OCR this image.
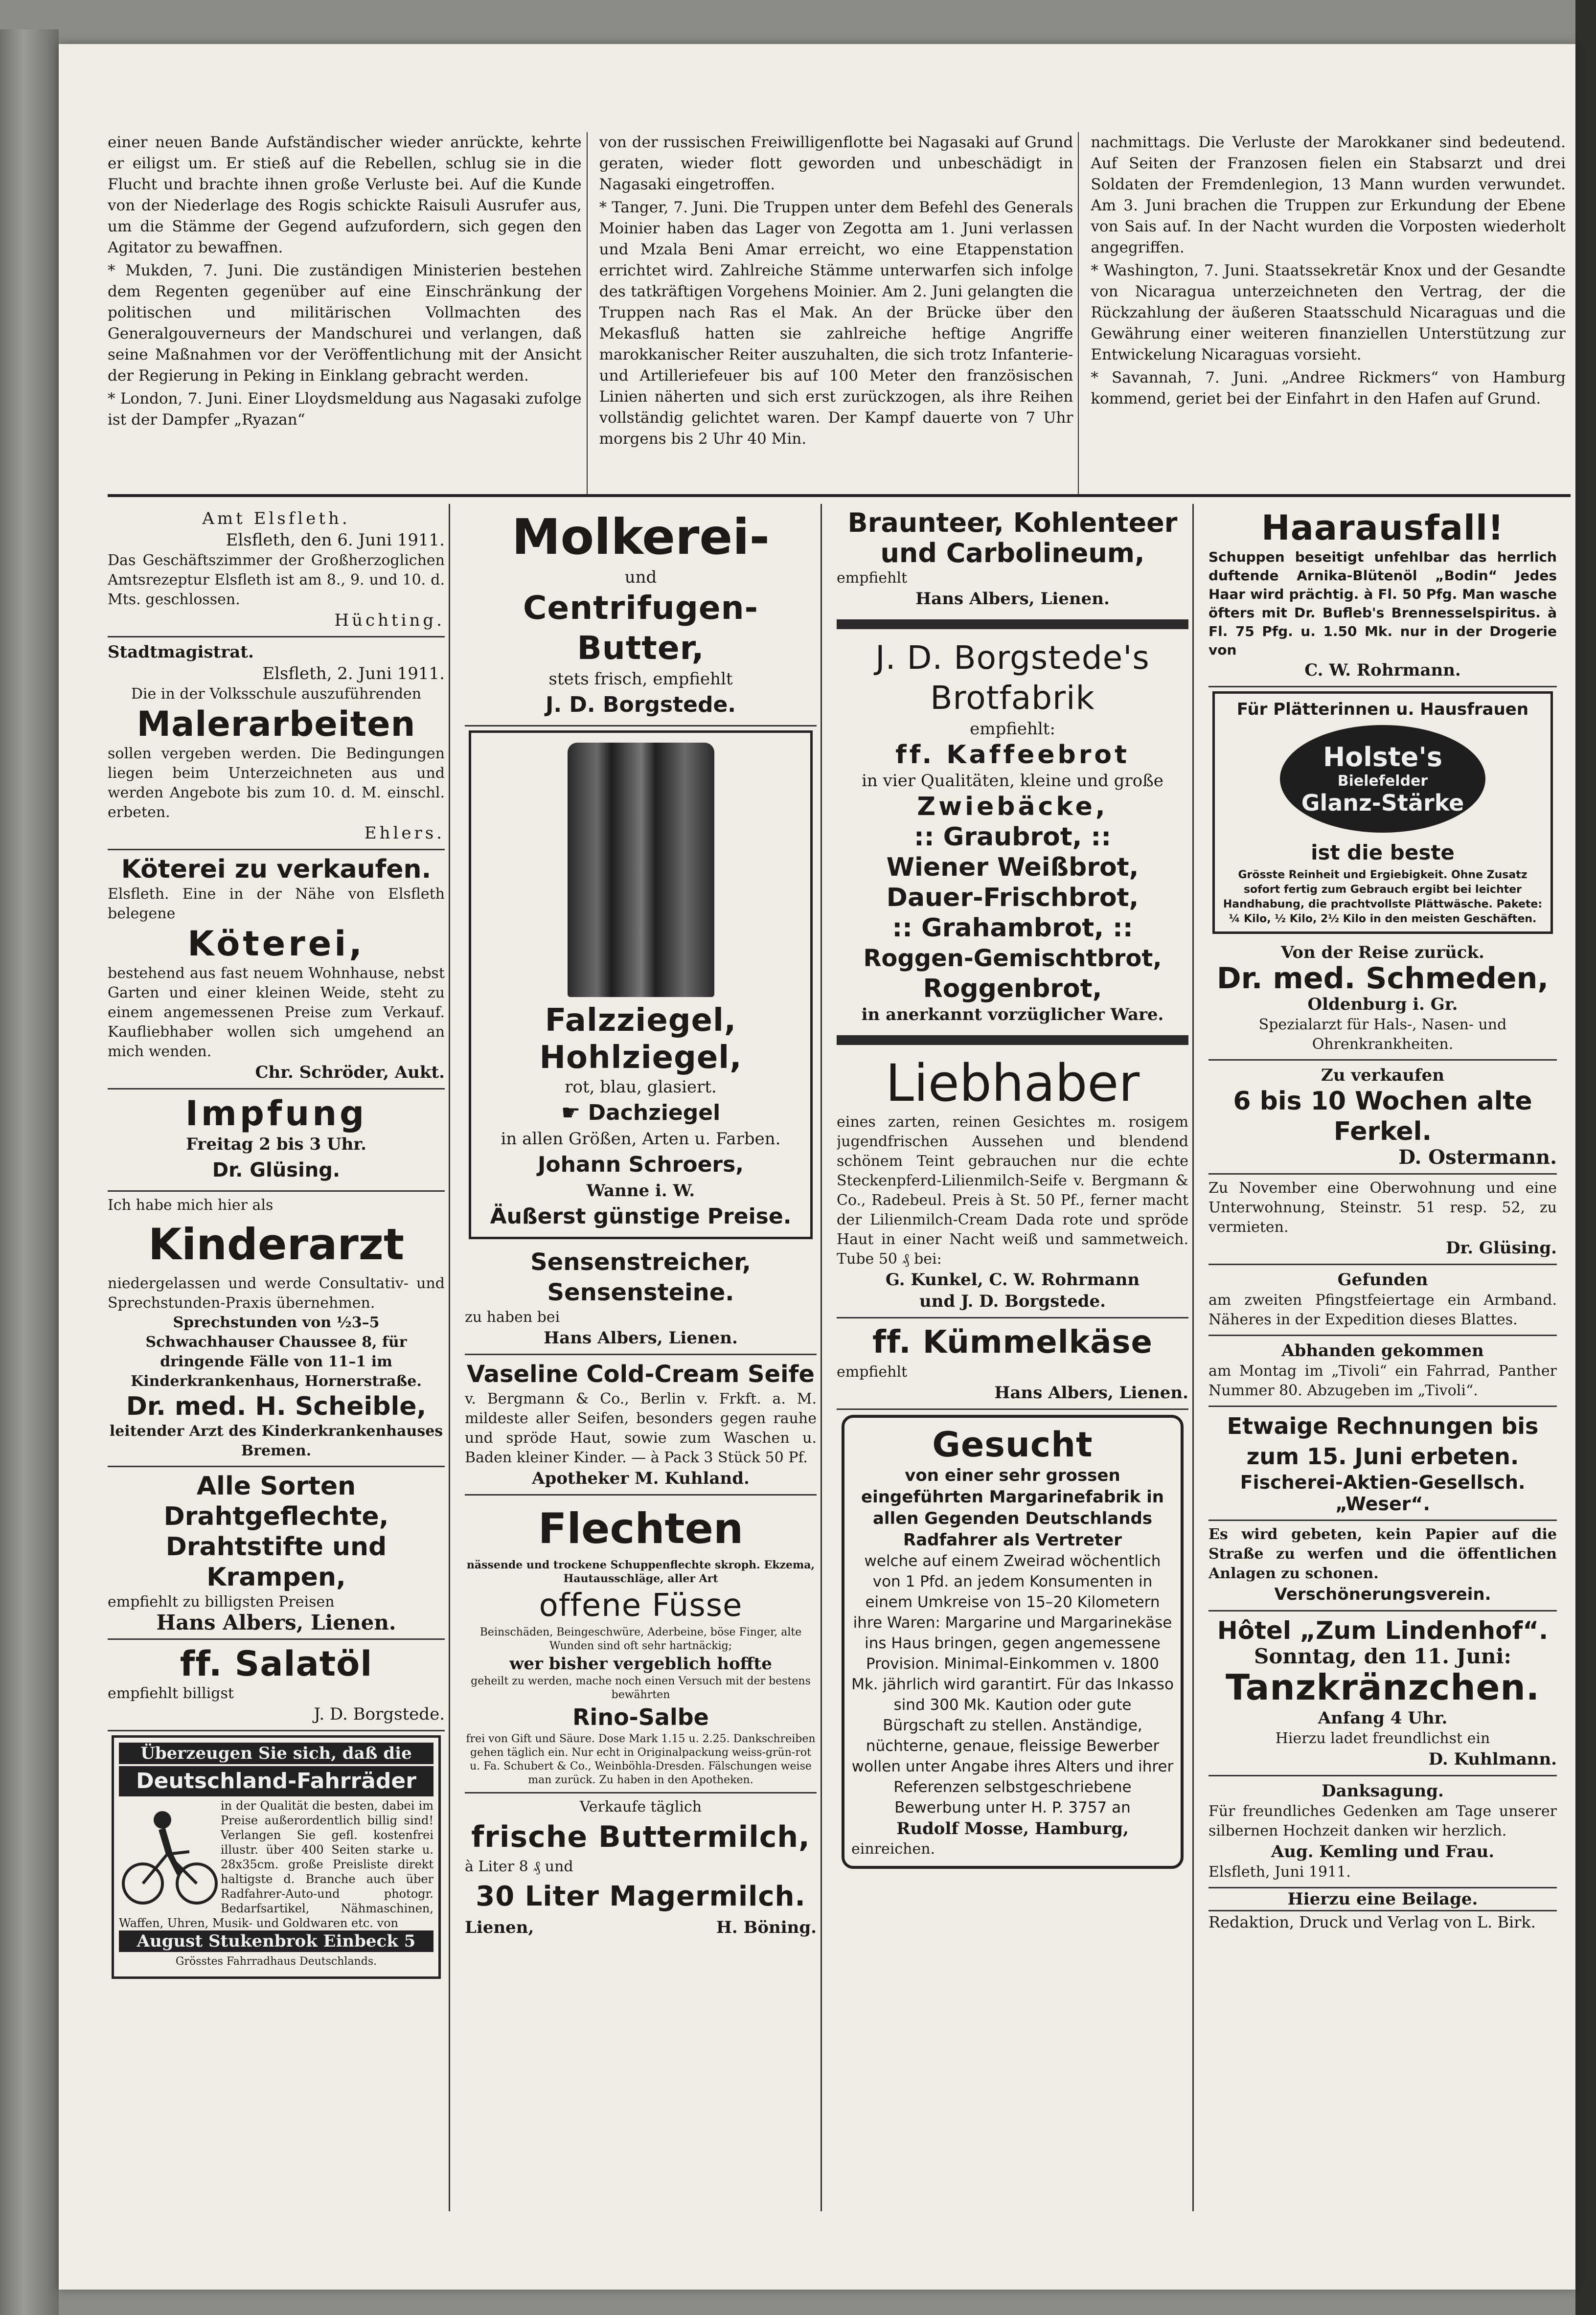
einer neuen Bande Aufständischer wieder anrückte, kehrte er eiligst um. Er stieß auf die Rebellen, schlug sie in die Flucht und brachte ihnen große Verluste bei. Auf die Kunde von der Niederlage des Rogis schickte Raisuli Ausrufer aus, um die Stämme der Gegend aufzufordern, sich gegen den Agitator zu bewaffnen.

* Mukden, 7. Juni. Die zuständigen Ministerien bestehen dem Regenten gegenüber auf eine Einschränkung der politischen und militärischen Vollmachten des Generalgouverneurs der Mandschurei und verlangen, daß seine Maßnahmen vor der Veröffentlichung mit der Ansicht der Regierung in Peking in Einklang gebracht werden.

* London, 7. Juni. Einer Lloydsmeldung aus Nagasaki zufolge ist der Dampfer „Ryazan“

von der russischen Freiwilligenflotte bei Nagasaki auf Grund geraten, wieder flott geworden und unbeschädigt in Nagasaki eingetroffen.

* Tanger, 7. Juni. Die Truppen unter dem Befehl des Generals Moinier haben das Lager von Zegotta am 1. Juni verlassen und Mzala Beni Amar erreicht, wo eine Etappenstation errichtet wird. Zahlreiche Stämme unterwarfen sich infolge des tatkräftigen Vorgehens Moinier. Am 2. Juni gelangten die Truppen nach Ras el Mak. An der Brücke über den Mekasfluß hatten sie zahlreiche heftige Angriffe marokkanischer Reiter auszuhalten, die sich trotz Infanterie- und Artilleriefeuer bis auf 100 Meter den französischen Linien näherten und sich erst zurückzogen, als ihre Reihen vollständig gelichtet waren. Der Kampf dauerte von 7 Uhr morgens bis 2 Uhr 40 Min.

nachmittags. Die Verluste der Marokkaner sind bedeutend. Auf Seiten der Franzosen fielen ein Stabsarzt und drei Soldaten der Fremdenlegion, 13 Mann wurden verwundet. Am 3. Juni brachen die Truppen zur Erkundung der Ebene von Sais auf. In der Nacht wurden die Vorposten wiederholt angegriffen.

* Washington, 7. Juni. Staatssekretär Knox und der Gesandte von Nicaragua unterzeichneten den Vertrag, der die Rückzahlung der äußeren Staatsschuld Nicaraguas und die Gewährung einer weiteren finanziellen Unterstützung zur Entwickelung Nicaraguas vorsieht.

* Savannah, 7. Juni. „Andree Rickmers“ von Hamburg kommend, geriet bei der Einfahrt in den Hafen auf Grund.

Amt Elsfleth.
Elsfleth, den 6. Juni 1911.
Das Geschäftszimmer der Großherzoglichen Amtsrezeptur Elsfleth ist am 8., 9. und 10. d. Mts. geschlossen.
Hüchting.
Stadtmagistrat.
Elsfleth, 2. Juni 1911.
Die in der Volksschule auszuführenden
Malerarbeiten
sollen vergeben werden. Die Bedingungen liegen beim Unterzeichneten aus und werden Angebote bis zum 10. d. M. einschl. erbeten.
Ehlers.
Köterei zu verkaufen.
Elsfleth. Eine in der Nähe von Elsfleth belegene
Köterei,
bestehend aus fast neuem Wohnhause, nebst Garten und einer kleinen Weide, steht zu einem angemessenen Preise zum Verkauf. Kaufliebhaber wollen sich umgehend an mich wenden.
Chr. Schröder, Aukt.
Impfung
Freitag 2 bis 3 Uhr.
Dr. Glüsing.
Ich habe mich hier als
Kinderarzt
niedergelassen und werde Consultativ- und Sprechstunden-Praxis übernehmen.
Sprechstunden von ½3–5 Schwachhauser Chaussee 8, für dringende Fälle von 11–1 im Kinderkrankenhaus, Hornerstraße.
Dr. med. H. Scheible,
leitender Arzt des Kinderkrankenhauses Bremen.
Alle Sorten Drahtgeflechte, Drahtstifte und Krampen,
empfiehlt zu billigsten Preisen
Hans Albers, Lienen.
ff. Salatöl
empfiehlt billigst
J. D. Borgstede.
Überzeugen Sie sich, daß die
Deutschland-Fahrräder
in der Qualität die besten, dabei im Preise außerordentlich billig sind! Verlangen Sie gefl. kostenfrei illustr. über 400 Seiten starke u. 28x35cm. große Preisliste direkt haltigste d. Branche auch über Radfahrer-Auto-und photogr. Bedarfsartikel, Nähmaschinen, Waffen, Uhren, Musik- und Goldwaren etc. von
August Stukenbrok Einbeck 5
Grösstes Fahrradhaus Deutschlands.
Molkerei-
und
Centrifugen-Butter,
stets frisch, empfiehlt
J. D. Borgstede.
Falzziegel, Hohlziegel,
rot, blau, glasiert.
☛ Dachziegel
in allen Größen, Arten u. Farben.
Johann Schroers,
Wanne i. W.
Äußerst günstige Preise.
Sensenstreicher, Sensensteine.
zu haben bei
Hans Albers, Lienen.
Vaseline Cold-Cream Seife
v. Bergmann & Co., Berlin v. Frkft. a. M. mildeste aller Seifen, besonders gegen rauhe und spröde Haut, sowie zum Waschen u. Baden kleiner Kinder. — à Pack 3 Stück 50 Pf.
Apotheker M. Kuhland.
Flechten
nässende und trockene Schuppenflechte skroph. Ekzema, Hautausschläge, aller Art
offene Füsse
Beinschäden, Beingeschwüre, Aderbeine, böse Finger, alte Wunden sind oft sehr hartnäckig;
wer bisher vergeblich hoffte
geheilt zu werden, mache noch einen Versuch mit der bestens bewährten
Rino-Salbe
frei von Gift und Säure. Dose Mark 1.15 u. 2.25. Dankschreiben gehen täglich ein. Nur echt in Originalpackung weiss-grün-rot u. Fa. Schubert & Co., Weinböhla-Dresden. Fälschungen weise man zurück. Zu haben in den Apotheken.
Verkaufe täglich
frische Buttermilch,
à Liter 8 ₰ und
30 Liter Magermilch.
Lienen,	H. Böning.
Braunteer, Kohlenteer und Carbolineum,
empfiehlt
Hans Albers, Lienen.
J. D. Borgstede's Brotfabrik
empfiehlt:
ff. Kaffeebrot
in vier Qualitäten, kleine und große
Zwiebäcke,
:: Graubrot, ::
Wiener Weißbrot,
Dauer-Frischbrot,
:: Grahambrot, ::
Roggen-Gemischtbrot,
Roggenbrot,
in anerkannt vorzüglicher Ware.
Liebhaber
eines zarten, reinen Gesichtes m. rosigem jugendfrischen Aussehen und blendend schönem Teint gebrauchen nur die echte Steckenpferd-Lilienmilch-Seife v. Bergmann & Co., Radebeul. Preis à St. 50 Pf., ferner macht der Lilienmilch-Cream Dada rote und spröde Haut in einer Nacht weiß und sammetweich. Tube 50 ₰ bei:
G. Kunkel, C. W. Rohrmann
und J. D. Borgstede.
ff. Kümmelkäse
empfiehlt
Hans Albers, Lienen.
Gesucht
von einer sehr grossen eingeführten Margarinefabrik in allen Gegenden Deutschlands
Radfahrer als Vertreter
welche auf einem Zweirad wöchentlich von 1 Pfd. an jedem Konsumenten in einem Umkreise von 15–20 Kilometern ihre Waren: Margarine und Margarinekäse ins Haus bringen, gegen angemessene Provision. Minimal-Einkommen v. 1800 Mk. jährlich wird garantirt. Für das Inkasso sind 300 Mk. Kaution oder gute Bürgschaft zu stellen. Anständige, nüchterne, genaue, fleissige Bewerber wollen unter Angabe ihres Alters und ihrer Referenzen selbstgeschriebene Bewerbung unter H. P. 3757 an
Rudolf Mosse, Hamburg,
einreichen.
Haarausfall!
Schuppen beseitigt unfehlbar das herrlich duftende Arnika-Blütenöl „Bodin“ Jedes Haar wird prächtig. à Fl. 50 Pfg. Man wasche öfters mit Dr. Bufleb's Brennesselspiritus. à Fl. 75 Pfg. u. 1.50 Mk. nur in der Drogerie von
C. W. Rohrmann.
Für Plätterinnen u. Hausfrauen
Holste's
Bielefelder
Glanz-Stärke
ist die beste
Grösste Reinheit und Ergiebigkeit. Ohne Zusatz sofort fertig zum Gebrauch ergibt bei leichter Handhabung, die prachtvollste Plättwäsche. Pakete: ¼ Kilo, ½ Kilo, 2½ Kilo in den meisten Geschäften.
Von der Reise zurück.
Dr. med. Schmeden,
Oldenburg i. Gr.
Spezialarzt für Hals-, Nasen- und Ohrenkrankheiten.
Zu verkaufen
6 bis 10 Wochen alte Ferkel.
D. Ostermann.
Zu November eine Oberwohnung und eine Unterwohnung, Steinstr. 51 resp. 52, zu vermieten.
Dr. Glüsing.
Gefunden
am zweiten Pfingstfeiertage ein Armband. Näheres in der Expedition dieses Blattes.
Abhanden gekommen
am Montag im „Tivoli“ ein Fahrrad, Panther Nummer 80. Abzugeben im „Tivoli“.
Etwaige Rechnungen bis zum 15. Juni erbeten.
Fischerei-Aktien-Gesellsch. „Weser“.
Es wird gebeten, kein Papier auf die Straße zu werfen und die öffentlichen Anlagen zu schonen.
Verschönerungsverein.
Hôtel „Zum Lindenhof“.
Sonntag, den 11. Juni:
Tanzkränzchen.
Anfang 4 Uhr.
Hierzu ladet freundlichst ein
D. Kuhlmann.
Danksagung.
Für freundliches Gedenken am Tage unserer silbernen Hochzeit danken wir herzlich.
Aug. Kemling und Frau.
Elsfleth, Juni 1911.
Hierzu eine Beilage.
Redaktion, Druck und Verlag von L. Birk.
